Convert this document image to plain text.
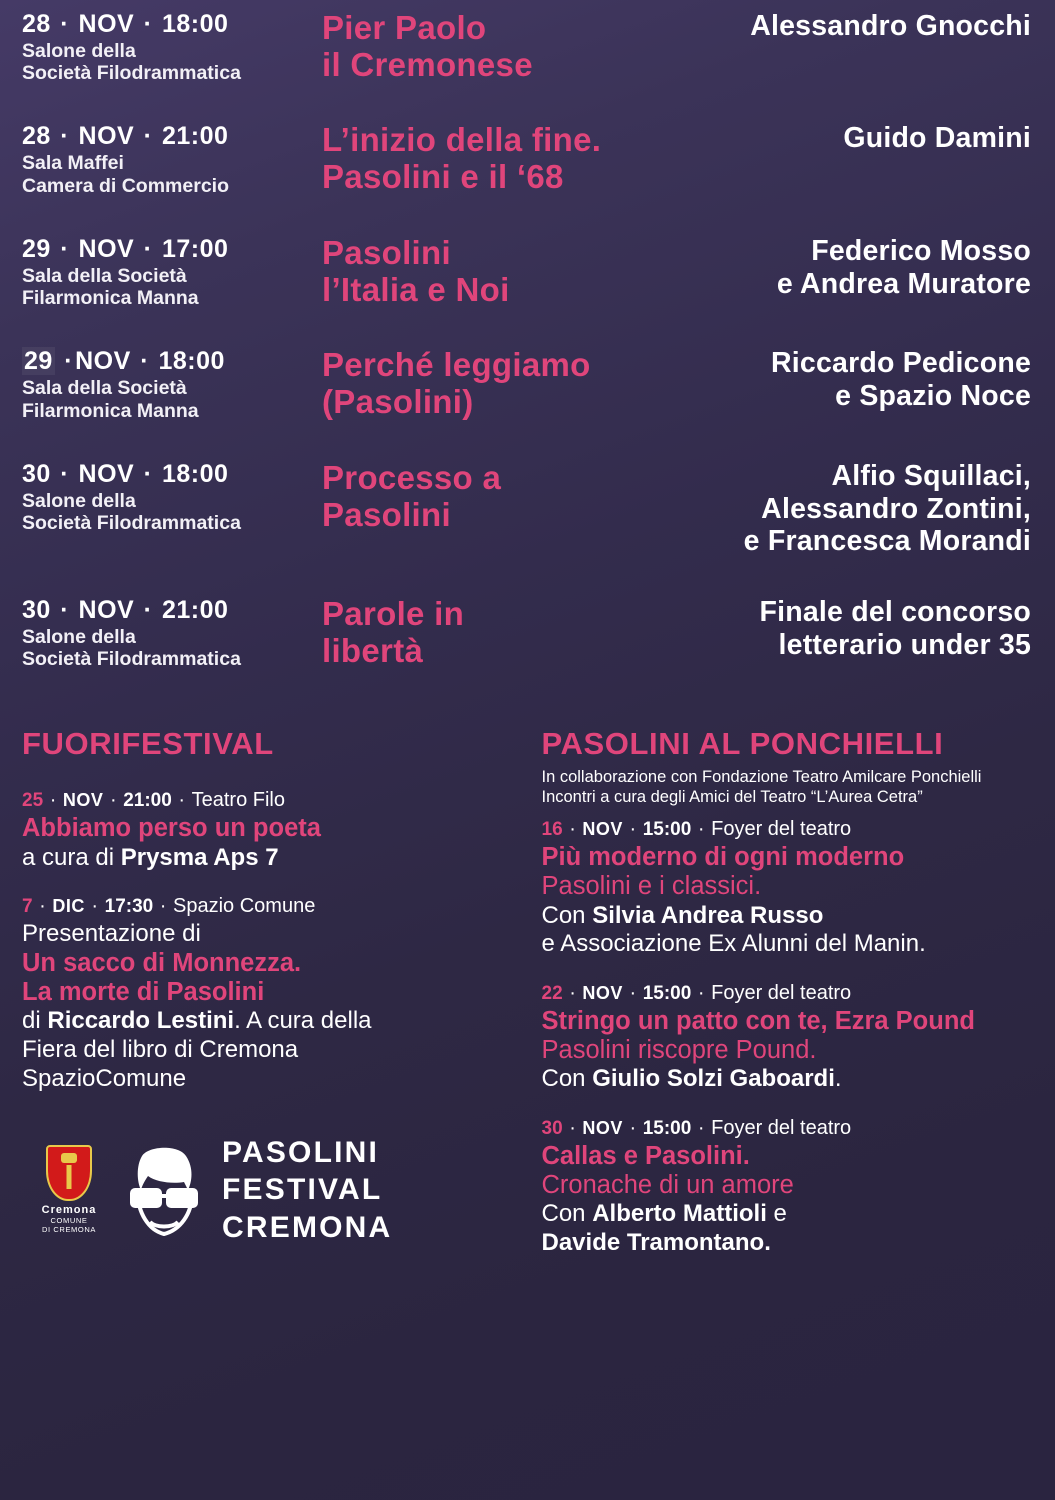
28 · NOV · 18:00
Salone della
Società Filodrammatica
Pier Paolo
il Cremonese
Alessandro Gnocchi
28 · NOV · 21:00
Sala Maffei
Camera di Commercio
L’inizio della fine.
Pasolini e il ‘68
Guido Damini
29 · NOV · 17:00
Sala della Società
Filarmonica Manna
Pasolini
l’Italia e Noi
Federico Mosso
e Andrea Muratore
29 ·NOV · 18:00
Sala della Società
Filarmonica Manna
Perché leggiamo
(Pasolini)
Riccardo Pedicone
e Spazio Noce
30 · NOV · 18:00
Salone della
Società Filodrammatica
Processo a
Pasolini
Alfio Squillaci,
Alessandro Zontini,
e Francesca Morandi
30 · NOV · 21:00
Salone della
Società Filodrammatica
Parole in
libertà
Finale del concorso
letterario under 35
FUORIFESTIVAL
25 · NOV · 21:00 · Teatro Filo
Abbiamo perso un poeta
a cura di Prysma Aps 7
7 · DIC · 17:30 · Spazio Comune
Presentazione di
Un sacco di Monnezza.
La morte di Pasolini
di Riccardo Lestini. A cura della
Fiera del libro di Cremona
SpazioComune
Cremona
COMUNE
DI CREMONA
PASOLINI
FESTIVAL
CREMONA
PASOLINI AL PONCHIELLI
In collaborazione con Fondazione Teatro Amilcare Ponchielli
Incontri a cura degli Amici del Teatro “L’Aurea Cetra”
16 · NOV · 15:00 · Foyer del teatro
Più moderno di ogni moderno
Pasolini e i classici.
Con Silvia Andrea Russo
e Associazione Ex Alunni del Manin.
22 · NOV · 15:00 · Foyer del teatro
Stringo un patto con te, Ezra Pound
Pasolini riscopre Pound.
Con Giulio Solzi Gaboardi.
30 · NOV · 15:00 · Foyer del teatro
Callas e Pasolini.
Cronache di un amore
Con Alberto Mattioli e
Davide Tramontano.
